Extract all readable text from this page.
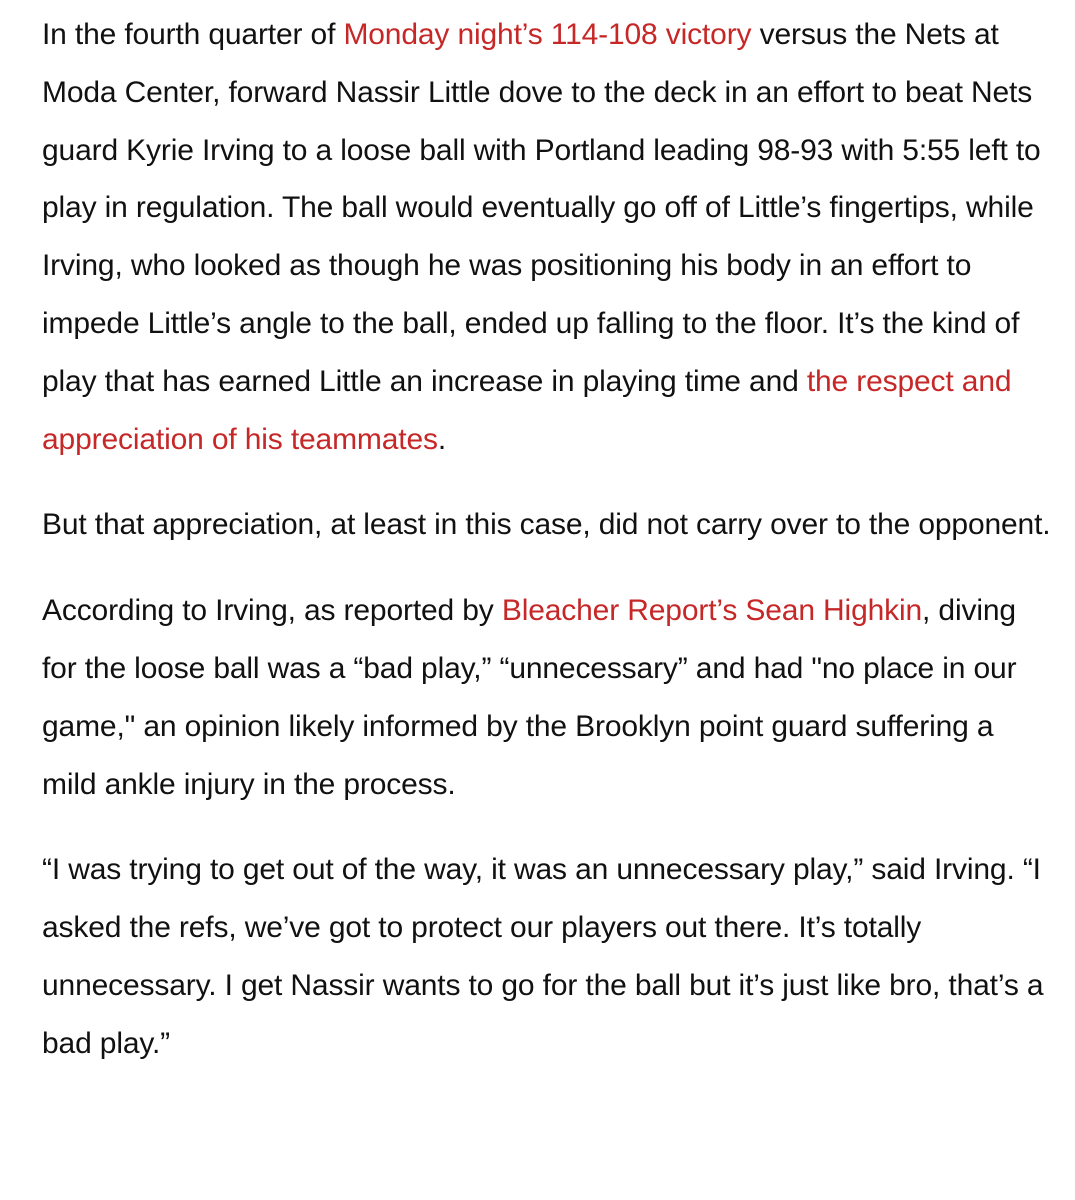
In the fourth quarter of Monday night’s 114-108 victory versus the Nets at Moda Center, forward Nassir Little dove to the deck in an effort to beat Nets guard Kyrie Irving to a loose ball with Portland leading 98-93 with 5:55 left to play in regulation. The ball would eventually go off of Little’s fingertips, while Irving, who looked as though he was positioning his body in an effort to impede Little’s angle to the ball, ended up falling to the floor. It’s the kind of play that has earned Little an increase in playing time and the respect and appreciation of his teammates.

But that appreciation, at least in this case, did not carry over to the opponent.

According to Irving, as reported by Bleacher Report’s Sean Highkin, diving for the loose ball was a “bad play,” “unnecessary” and had "no place in our game," an opinion likely informed by the Brooklyn point guard suffering a mild ankle injury in the process.

“I was trying to get out of the way, it was an unnecessary play,” said Irving. “I asked the refs, we’ve got to protect our players out there. It’s totally unnecessary. I get Nassir wants to go for the ball but it’s just like bro, that’s a bad play.”
